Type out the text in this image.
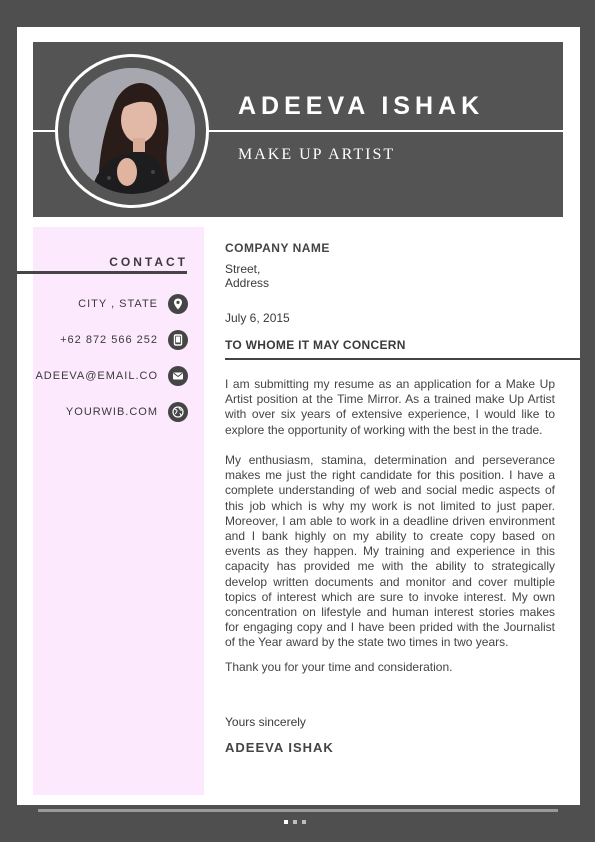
ADEEVA ISHAK
MAKE UP ARTIST
CONTACT
CITY , STATE
+62 872 566 252
ADEEVA@EMAIL.CO
YOURWIB.COM
COMPANY NAME
Street,
Address
July 6, 2015
TO WHOME IT MAY CONCERN

I am submitting my resume as an application for a Make Up Artist position at the Time Mirror. As a trained make Up Artist with over six years of extensive experience, I would like to explore the opportunity of working with the best in the trade.

My enthusiasm, stamina, determination and perseverance makes me just the right candidate for this position. I have a complete understanding of web and social medic aspects of this job which is why my work is not limited to just paper. Moreover, I am able to work in a deadline driven environment and I bank highly on my ability to create copy based on events as they happen. My training and experience in this capacity has provided me with the ability to strategically develop written documents and monitor and cover multiple topics of interest which are sure to invoke interest. My own concentration on lifestyle and human interest stories makes for engaging copy and I have been prided with the Journalist of the Year award by the state two times in two years.

Thank you for your time and consideration.

Yours sincerely
ADEEVA ISHAK
